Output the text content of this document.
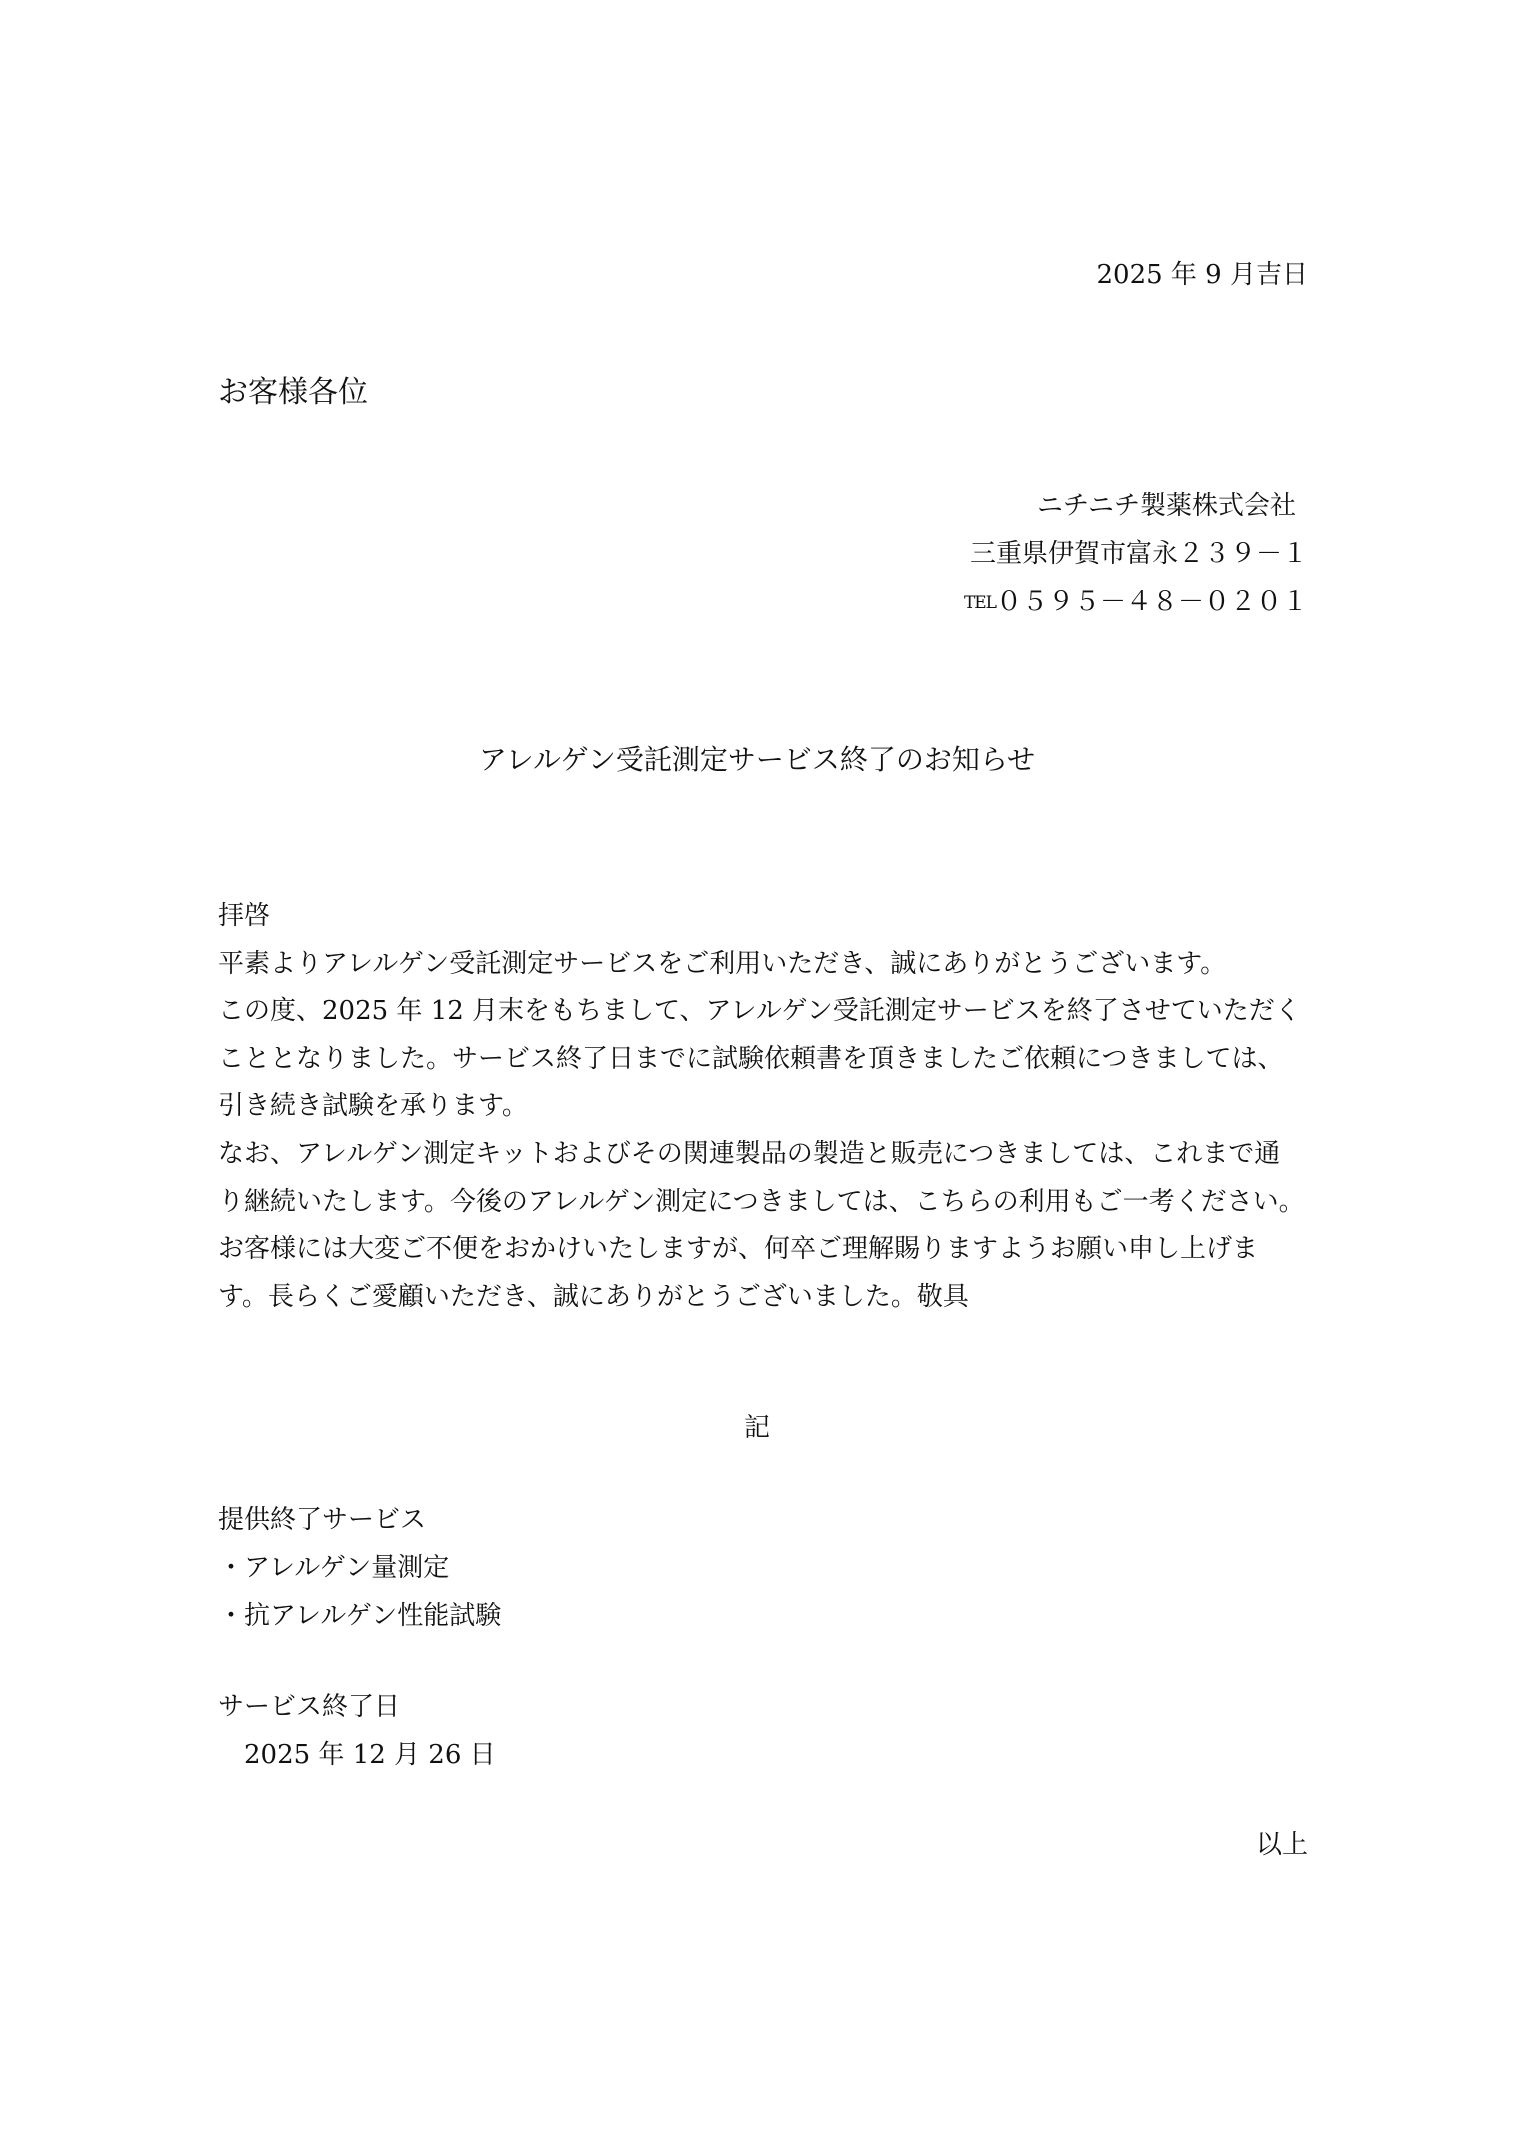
2025 年 9 月吉日
お客様各位
ニチニチ製薬株式会社
三重県伊賀市富永２３９－１
TEL０５９５－４８－０２０１
アレルゲン受託測定サービス終了のお知らせ

拝啓

平素よりアレルゲン受託測定サービスをご利用いただき、誠にありがとうございます。

この度、2025 年 12 月末をもちまして、アレルゲン受託測定サービスを終了させていただく

こととなりました。サービス終了日までに試験依頼書を頂きましたご依頼につきましては、

引き続き試験を承ります。

なお、アレルゲン測定キットおよびその関連製品の製造と販売につきましては、これまで通

り継続いたします。今後のアレルゲン測定につきましては、こちらの利用もご一考ください。

お客様には大変ご不便をおかけいたしますが、何卒ご理解賜りますようお願い申し上げま

す。長らくご愛顧いただき、誠にありがとうございました。敬具

記
提供終了サービス
・アレルゲン量測定
・抗アレルゲン性能試験
サービス終了日
2025 年 12 月 26 日
以上
